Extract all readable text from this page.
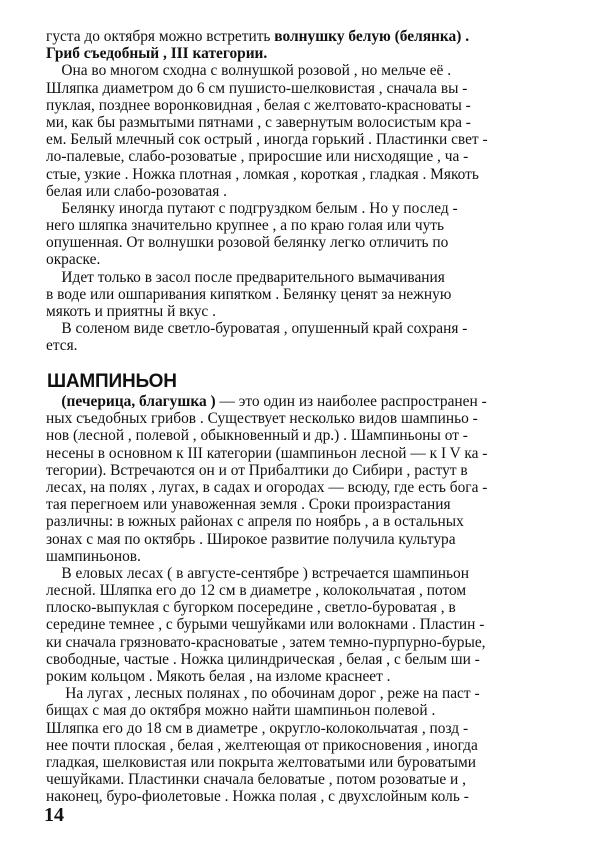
густа до октября можно встретить волнушку белую (белянка) .
Гриб съедобный , III категории.
Она во многом сходна с волнушкой розовой , но мельче её .
Шляпка диаметром до 6 см пушисто-шелковистая , сначала вы -
пуклая, позднее воронковидная , белая с желтовато-красноваты -
ми, как бы размытыми пятнами , с завернутым волосистым кра -
ем. Белый млечный сок острый , иногда горький . Пластинки свет -
ло-палевые, слабо-розоватые , приросшие или нисходящие , ча -
стые, узкие . Ножка плотная , ломкая , короткая , гладкая . Мякоть
белая или слабо-розоватая .
Белянку иногда путают с подгруздком белым . Но у послед -
него шляпка значительно крупнее , а по краю голая или чуть
опушенная. От волнушки розовой белянку легко отличить по
окраске.
Идет только в засол после предварительного вымачивания
в воде или ошпаривания кипятком . Белянку ценят за нежную
мякоть и приятны й вкус .
В соленом виде светло-буроватая , опушенный край сохраня -
ется.
ШАМПИНЬОН
(печерица, благушка ) — это один из наиболее распространен -
ных съедобных грибов . Существует несколько видов шампиньо -
нов (лесной , полевой , обыкновенный и др.) . Шампиньоны от -
несены в основном к III категории (шампиньон лесной — к I V ка -
тегории). Встречаются он и от Прибалтики до Сибири , растут в
лесах, на полях , лугах, в садах и огородах — всюду, где есть бога -
тая перегноем или унавоженная земля . Сроки произрастания
различны: в южных районах с апреля по ноябрь , а в остальных
зонах с мая по октябрь . Широкое развитие получила культура
шампиньонов.
В еловых лесах ( в августе-сентябре ) встречается шампиньон
лесной. Шляпка его до 12 см в диаметре , колокольчатая , потом
плоско-выпуклая с бугорком посередине , светло-буроватая , в
середине темнее , с бурыми чешуйками или волокнами . Пластин -
ки сначала грязновато-красноватые , затем темно-пурпурно-бурые,
свободные, частые . Ножка цилиндрическая , белая , с белым ши -
роким кольцом . Мякоть белая , на изломе краснеет .
На лугах , лесных полянах , по обочинам дорог , реже на паст -
бищах с мая до октября можно найти шампиньон полевой .
Шляпка его до 18 см в диаметре , округло-колокольчатая , позд -
нее почти плоская , белая , желтеющая от прикосновения , иногда
гладкая, шелковистая или покрыта желтоватыми или буроватыми
чешуйками. Пластинки сначала беловатые , потом розоватые и ,
наконец, буро-фиолетовые . Ножка полая , с двухслойным коль -
14
